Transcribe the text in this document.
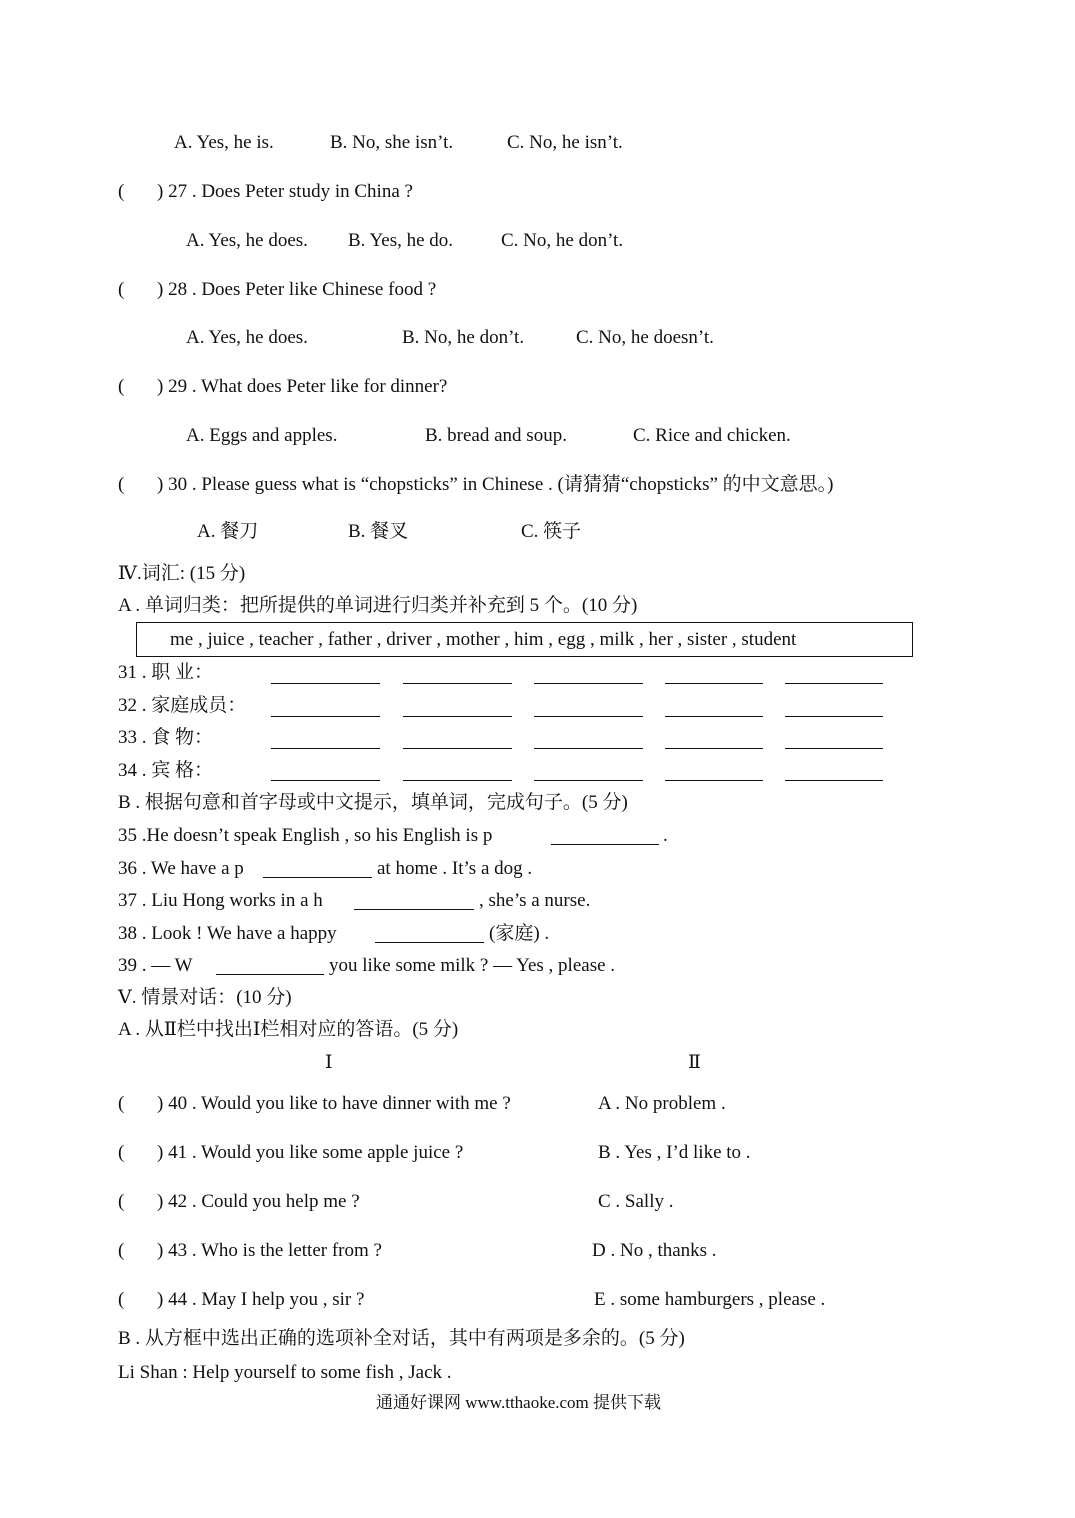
A. Yes, he is.	B. No, she isn’t.	C. No, he isn’t.
( ) 27 . Does Peter study in China ?
A. Yes, he does. B. Yes, he do.	C. No, he don’t.
( ) 28 . Does Peter like Chinese food ?
A. Yes, he does.	B. No, he don’t.	C. No, he doesn’t.
( ) 29 . What does Peter like for dinner?
A. Eggs and apples.	B. bread and soup.	C. Rice and chicken.
( ) 30 . Please guess what is “chopsticks” in Chinese . (请猜猜“chopsticks” 的中文意思。)
A. 餐刀	B. 餐叉	C. 筷子
Ⅳ.词汇: (15 分)
A . 单词归类：把所提供的单词进行归类并补充到 5 个。(10 分)
me , juice , teacher , father , driver , mother , him , egg , milk , her , sister , student
31 . 职 业：
32 . 家庭成员：
33 . 食 物：
34 . 宾 格：
B . 根据句意和首字母或中文提示，填单词，完成句子。(5 分)
35 .He doesn’t speak English , so his English is p	.
36 . We have a p	at home . It’s a dog .
37 . Liu Hong works in a h	, she’s a nurse.
38 . Look ! We have a happy	(家庭) .
39 . — W	you like some milk ? — Yes , please .
Ⅴ. 情景对话：(10 分)
A . 从Ⅱ栏中找出Ⅰ栏相对应的答语。(5 分)
Ⅰ	Ⅱ
( ) 40 . Would you like to have dinner with me ?	A . No problem .
( ) 41 . Would you like some apple juice ?	B . Yes , I’d like to .
( ) 42 . Could you help me ?	C . Sally .
( ) 43 . Who is the letter from ?	D . No , thanks .
( ) 44 . May I help you , sir ?	E . some hamburgers , please .
B . 从方框中选出正确的选项补全对话，其中有两项是多余的。(5 分)
Li Shan : Help yourself to some fish , Jack .
通通好课网 www.tthaoke.com 提供下载
